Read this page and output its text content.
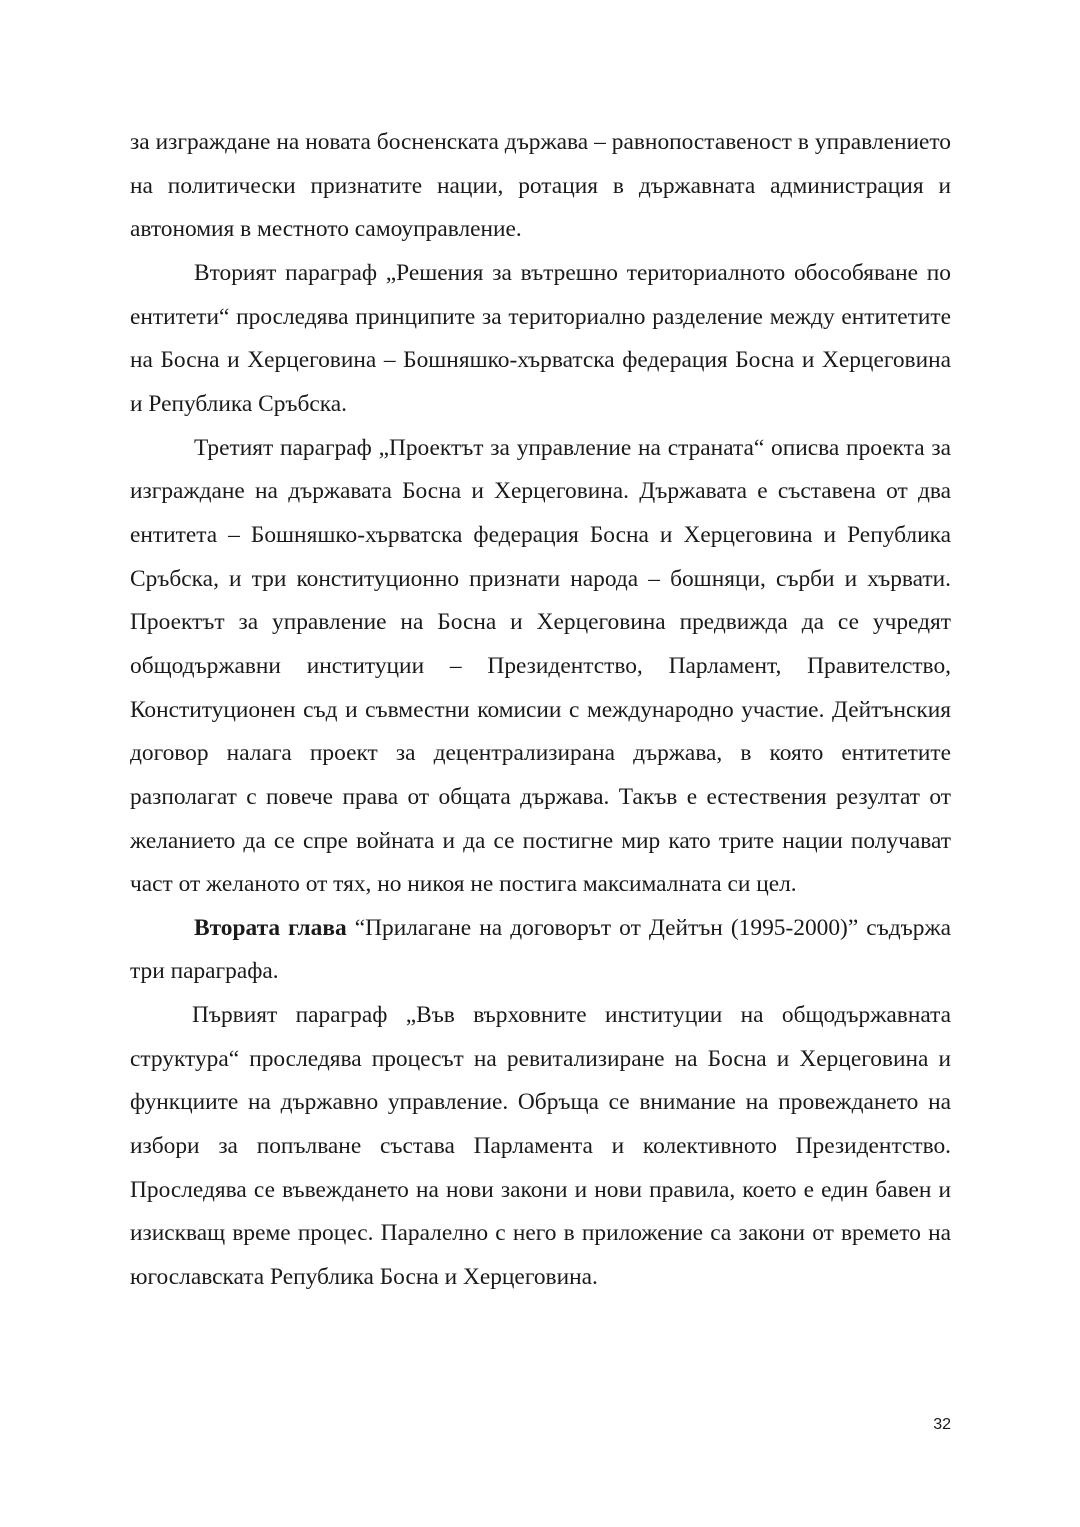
за изграждане на новата босненската държава – равнопоставеност в управлението на политически признатите нации, ротация в държавната администрация и автономия в местното самоуправление.

Вторият параграф „Решения за вътрешно териториалното обособяване по ентитети“ проследява принципите за териториално разделение между ентитетите на Босна и Херцеговина – Бошняшко-хърватска федерация Босна и Херцеговина и Република Сръбска.

Третият параграф „Проектът за управление на страната“ описва проекта за изграждане на държавата Босна и Херцеговина. Държавата е съставена от два ентитета – Бошняшко-хърватска федерация Босна и Херцеговина и Република Сръбска, и три конституционно признати народа – бошняци, сърби и хървати. Проектът за управление на Босна и Херцеговина предвижда да се учредят общодържавни институции – Президентство, Парламент, Правителство, Конституционен съд и съвместни комисии с международно участие. Дейтънския договор налага проект за децентрализирана държава, в която ентитетите разполагат с повече права от общата държава. Такъв е естествения резултат от желанието да се спре войната и да се постигне мир като трите нации получават част от желаното от тях, но никоя не постига максималната си цел.

Втората глава “Прилагане на договорът от Дейтън (1995-2000)” съдържа три параграфа.

Първият параграф „Във върховните институции на общодържавната структура“ проследява процесът на ревитализиране на Босна и Херцеговина и функциите на държавно управление. Обръща се внимание на провеждането на избори за попълване състава Парламента и колективното Президентство. Проследява се въвеждането на нови закони и нови правила, което е един бавен и изискващ време процес. Паралелно с него в приложение са закони от времето на югославската Република Босна и Херцеговина.

32
